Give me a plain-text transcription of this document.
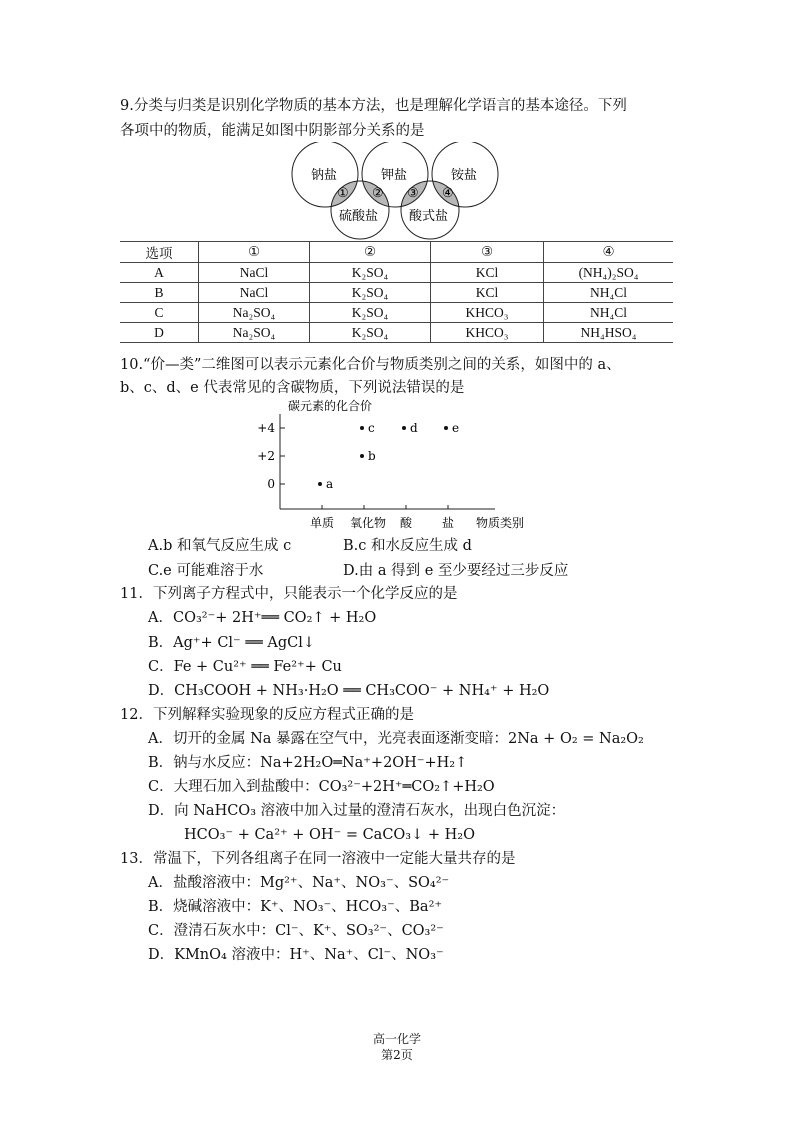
9.分类与归类是识别化学物质的基本方法，也是理解化学语言的基本途径。下列
各项中的物质，能满足如图中阴影部分关系的是
钠盐	钾盐	铵盐
硫酸盐 酸式盐
① ② ③ ④
选项	①	②	③	④
A	NaCl	K₂SO₄	KCl	(NH₄)₂SO₄
B	NaCl	K₂SO₄	KCl	NH₄Cl
C	Na₂SO₄	K₂SO₄	KHCO₃	NH₄Cl
D	Na₂SO₄	K₂SO₄	KHCO₃	NH₄HSO₄
10.“价—类”二维图可以表示元素化合价与物质类别之间的关系，如图中的 a、
b、c、d、e 代表常见的含碳物质，下列说法错误的是
碳元素的化合价
物质类别
+4
+2
0
单质 氧化物 酸 盐
a
b
c	d	e
A.b 和氧气反应生成 c	B.c 和水反应生成 d
C.e 可能难溶于水	D.由 a 得到 e 至少要经过三步反应
11．下列离子方程式中，只能表示一个化学反应的是
A．CO₃²⁻+ 2H⁺══ CO₂↑ + H₂O
B．Ag⁺+ Cl⁻ ══ AgCl↓
C．Fe + Cu²⁺ ══ Fe²⁺+ Cu
D．CH₃COOH + NH₃·H₂O ══ CH₃COO⁻ + NH₄⁺ + H₂O
12．下列解释实验现象的反应方程式正确的是
A．切开的金属 Na 暴露在空气中，光亮表面逐渐变暗：2Na + O₂ = Na₂O₂
B．钠与水反应：Na+2H₂O═Na⁺+2OH⁻+H₂↑
C．大理石加入到盐酸中：CO₃²⁻+2H⁺═CO₂↑+H₂O
D．向 NaHCO₃ 溶液中加入过量的澄清石灰水，出现白色沉淀：
HCO₃⁻ + Ca²⁺ + OH⁻ = CaCO₃↓ + H₂O
13．常温下，下列各组离子在同一溶液中一定能大量共存的是
A．盐酸溶液中：Mg²⁺、Na⁺、NO₃⁻、SO₄²⁻
B．烧碱溶液中：K⁺、NO₃⁻、HCO₃⁻、Ba²⁺
C．澄清石灰水中：Cl⁻、K⁺、SO₃²⁻、CO₃²⁻
D．KMnO₄ 溶液中：H⁺、Na⁺、Cl⁻、NO₃⁻
高一化学
第2页
